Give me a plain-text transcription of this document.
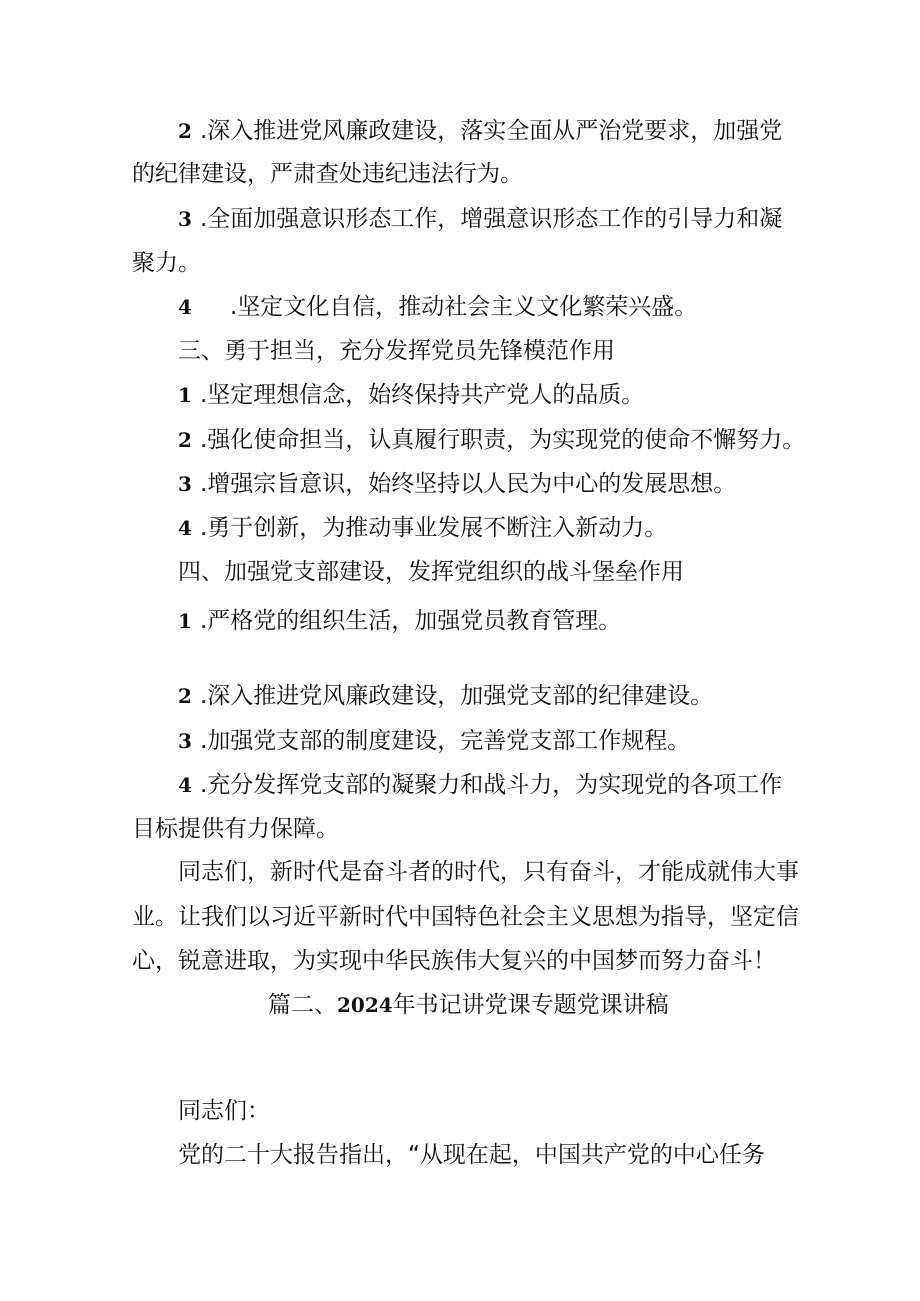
2 .深入推进党风廉政建设，落实全面从严治党要求，加强党
的纪律建设，严肃查处违纪违法行为。
3 .全面加强意识形态工作，增强意识形态工作的引导力和凝
聚力。
4 .坚定文化自信，推动社会主义文化繁荣兴盛。
三、勇于担当，充分发挥党员先锋模范作用
1 .坚定理想信念，始终保持共产党人的品质。
2 .强化使命担当，认真履行职责，为实现党的使命不懈努力。
3 .增强宗旨意识，始终坚持以人民为中心的发展思想。
4 .勇于创新，为推动事业发展不断注入新动力。
四、加强党支部建设，发挥党组织的战斗堡垒作用
1 .严格党的组织生活，加强党员教育管理。
2 .深入推进党风廉政建设，加强党支部的纪律建设。
3 .加强党支部的制度建设，完善党支部工作规程。
4 .充分发挥党支部的凝聚力和战斗力，为实现党的各项工作
目标提供有力保障。
同志们，新时代是奋斗者的时代，只有奋斗，才能成就伟大事
业。让我们以习近平新时代中国特色社会主义思想为指导，坚定信
心，锐意进取，为实现中华民族伟大复兴的中国梦而努力奋斗！
篇二、2024年书记讲党课专题党课讲稿
同志们：
党的二十大报告指出，“从现在起，中国共产党的中心任务
